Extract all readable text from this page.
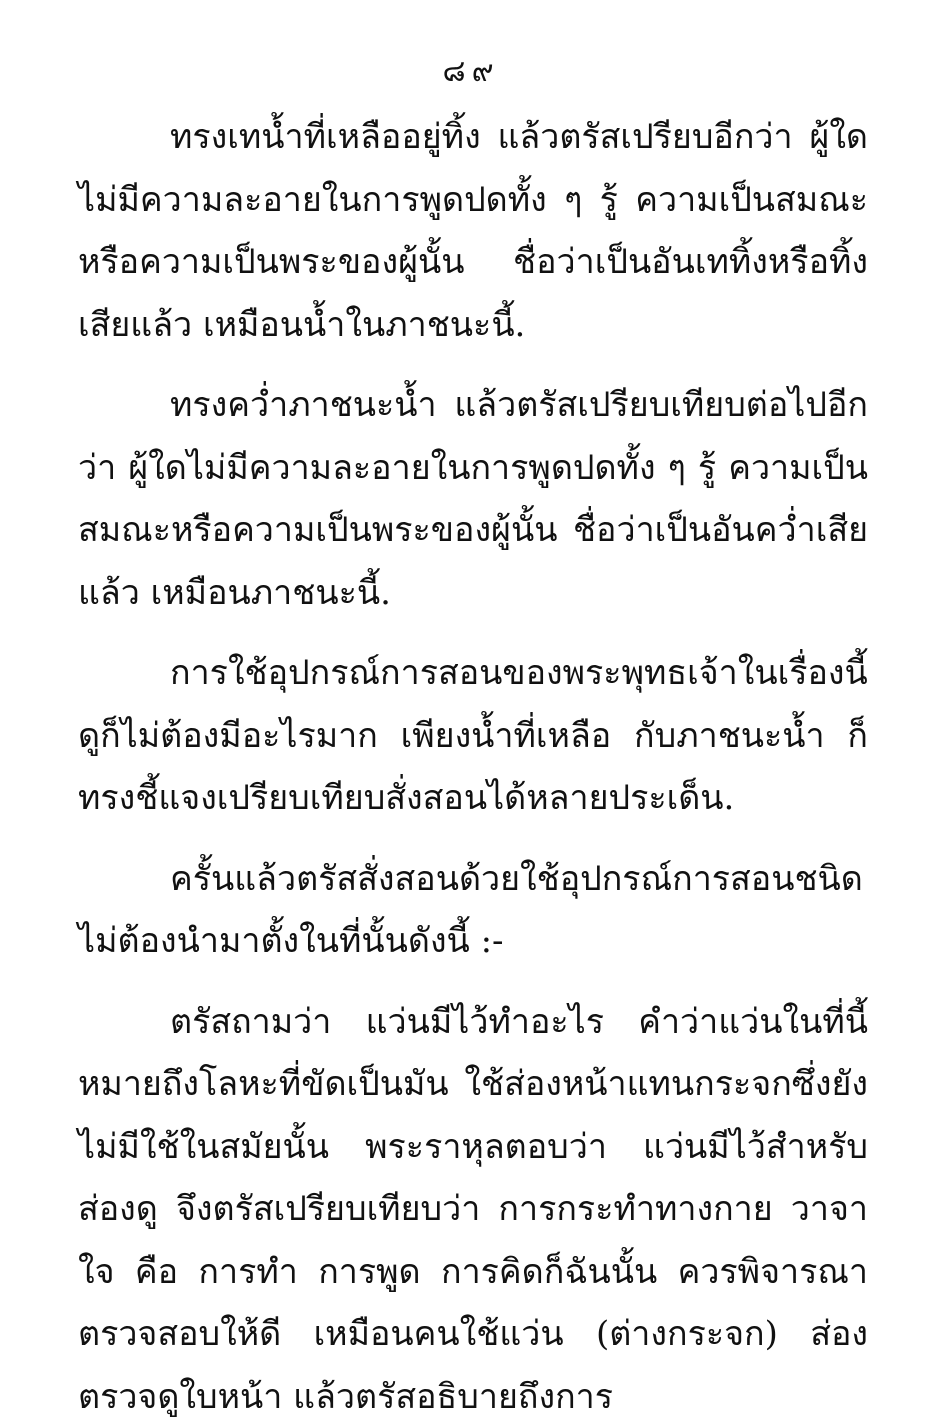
๘๙

ทรงเทน้ำที่เหลืออยู่ทิ้ง แล้วตรัสเปรียบอีกว่า ผู้ใดไม่มีความละอายในการพูดปดทั้ง ๆ รู้ ความเป็นสมณะหรือความเป็นพระของผู้นั้น ชื่อว่าเป็นอันเททิ้งหรือทิ้งเสียแล้ว เหมือนน้ำในภาชนะนี้.

ทรงคว่ำภาชนะน้ำ แล้วตรัสเปรียบเทียบต่อไปอีกว่า ผู้ใดไม่มีความละอายในการพูดปดทั้ง ๆ รู้ ความเป็นสมณะหรือความเป็นพระของผู้นั้น ชื่อว่าเป็นอันคว่ำเสียแล้ว เหมือนภาชนะนี้.

การใช้อุปกรณ์การสอนของพระพุทธเจ้าในเรื่องนี้ ดูก็ไม่ต้องมีอะไรมาก เพียงน้ำที่เหลือ กับภาชนะน้ำ ก็ทรงชี้แจงเปรียบเทียบสั่งสอนได้หลายประเด็น.

ครั้นแล้วตรัสสั่งสอนด้วยใช้อุปกรณ์การสอนชนิดไม่ต้องนำมาตั้งในที่นั้นดังนี้ :-

ตรัสถามว่า แว่นมีไว้ทำอะไร คำว่าแว่นในที่นี้หมายถึงโลหะที่ขัดเป็นมัน ใช้ส่องหน้าแทนกระจกซึ่งยังไม่มีใช้ในสมัยนั้น พระราหุลตอบว่า แว่นมีไว้สำหรับส่องดู จึงตรัสเปรียบเทียบว่า การกระทำทางกาย วาจา ใจ คือ การทำ การพูด การคิดก็ฉันนั้น ควรพิจารณาตรวจสอบให้ดี เหมือนคนใช้แว่น (ต่างกระจก) ส่องตรวจดูใบหน้า แล้วตรัสอธิบายถึงการ
